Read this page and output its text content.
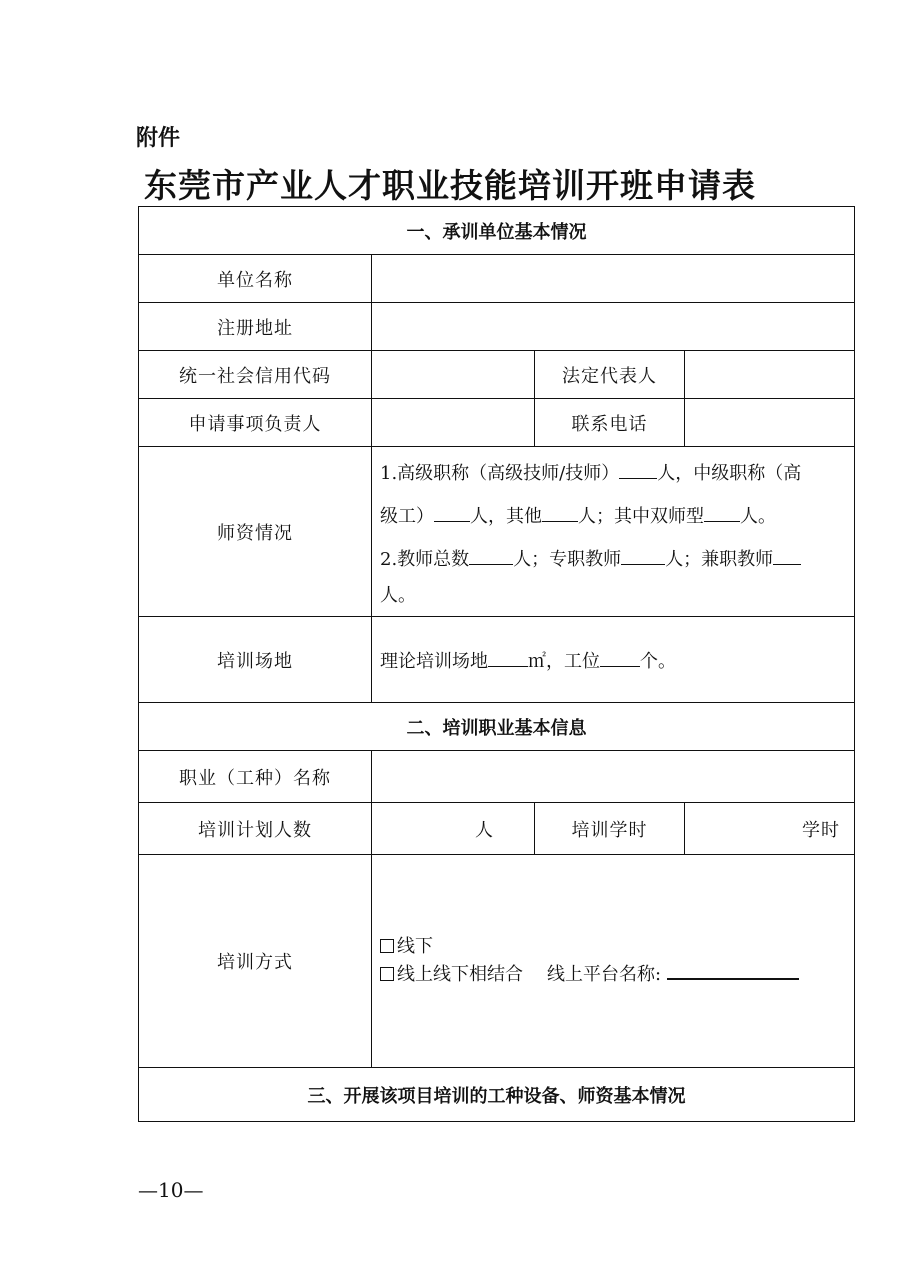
附件
东莞市产业人才职业技能培训开班申请表
一、承训单位基本情况			
单位名称			
注册地址			
统一社会信用代码		法定代表人	
申请事项负责人		联系电话	
师资情况	1.高级职称（高级技师/技师） 人，中级职称（高
级工） 人，其他 人；其中双师型 人。
2.教师总数 人；专职教师 人；兼职教师
人。		

培训场地	理论培训场地 ㎡，工位 个。		
二、培训职业基本信息			
职业（工种）名称			
培训计划人数	人	培训学时	学时
培训方式	线下
线上线下相结合 线上平台名称:		

三、开展该项目培训的工种设备、师资基本情况			
—10—
